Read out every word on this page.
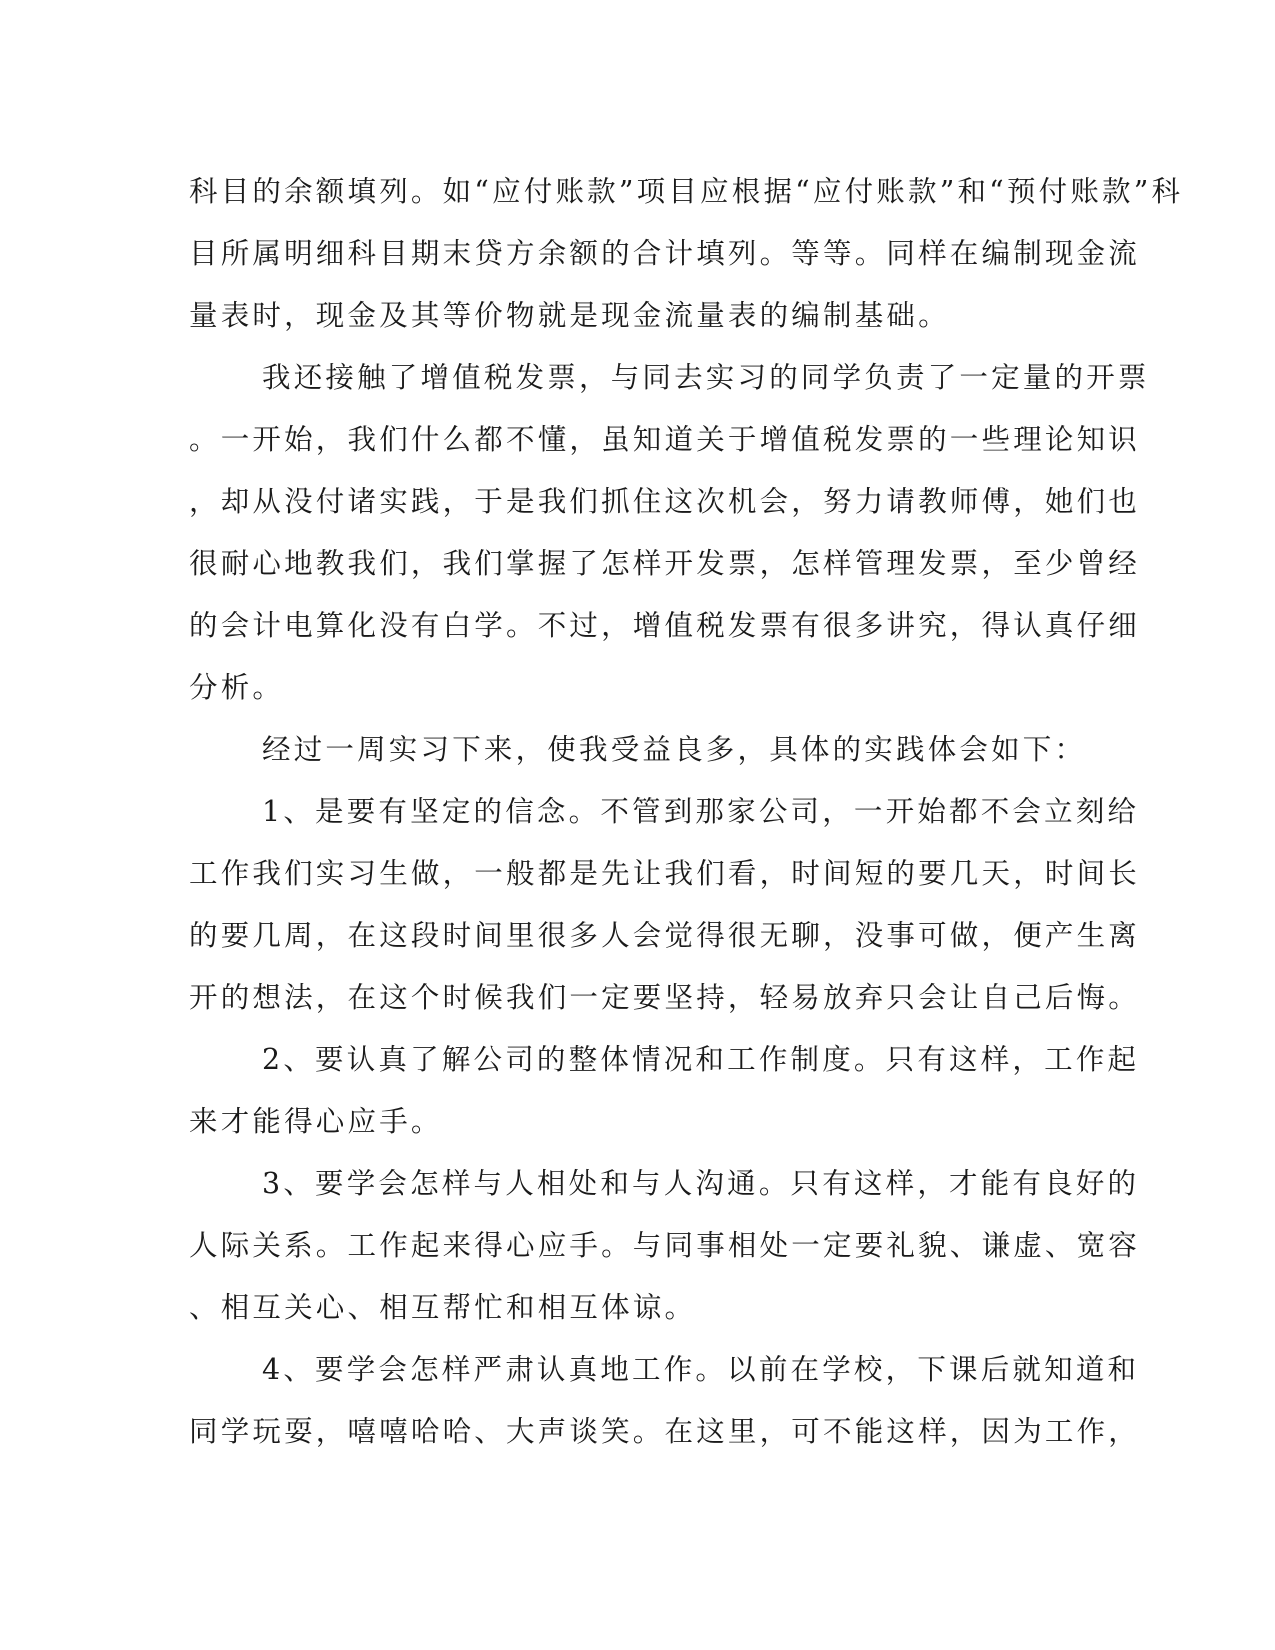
科目的余额填列。如“应付账款”项目应根据“应付账款”和“预付账款”科
目所属明细科目期末贷方余额的合计填列。等等。同样在编制现金流
量表时，现金及其等价物就是现金流量表的编制基础。
我还接触了增值税发票，与同去实习的同学负责了一定量的开票
。一开始，我们什么都不懂，虽知道关于增值税发票的一些理论知识
，却从没付诸实践，于是我们抓住这次机会，努力请教师傅，她们也
很耐心地教我们，我们掌握了怎样开发票，怎样管理发票，至少曾经
的会计电算化没有白学。不过，增值税发票有很多讲究，得认真仔细
分析。
经过一周实习下来，使我受益良多，具体的实践体会如下：
1、是要有坚定的信念。不管到那家公司，一开始都不会立刻给
工作我们实习生做，一般都是先让我们看，时间短的要几天，时间长
的要几周，在这段时间里很多人会觉得很无聊，没事可做，便产生离
开的想法，在这个时候我们一定要坚持，轻易放弃只会让自己后悔。
2、要认真了解公司的整体情况和工作制度。只有这样，工作起
来才能得心应手。
3、要学会怎样与人相处和与人沟通。只有这样，才能有良好的
人际关系。工作起来得心应手。与同事相处一定要礼貌、谦虚、宽容
、相互关心、相互帮忙和相互体谅。
4、要学会怎样严肃认真地工作。以前在学校，下课后就知道和
同学玩耍，嘻嘻哈哈、大声谈笑。在这里，可不能这样，因为工作，
